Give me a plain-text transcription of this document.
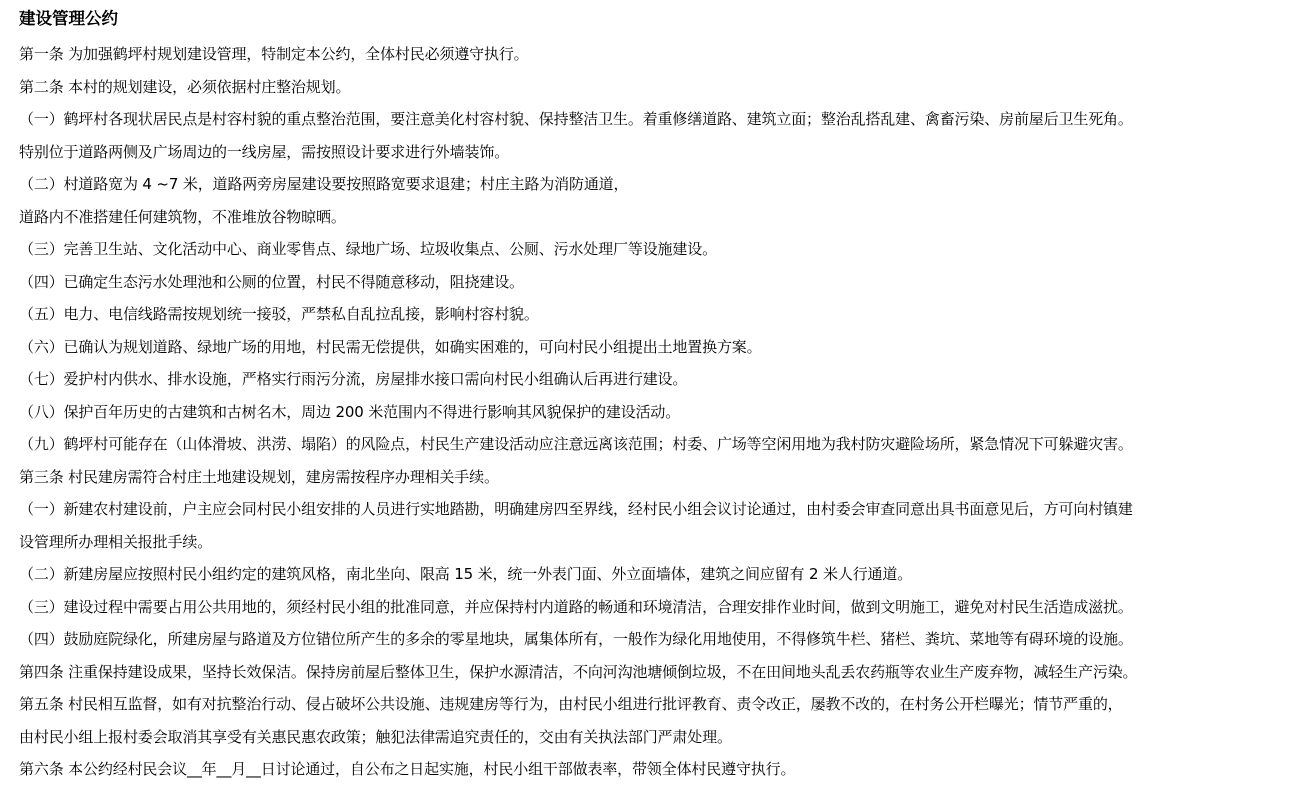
建设管理公约
第一条 为加强鹤坪村规划建设管理，特制定本公约，全体村民必须遵守执行。
第二条 本村的规划建设，必须依据村庄整治规划。
（一）鹤坪村各现状居民点是村容村貌的重点整治范围，要注意美化村容村貌、保持整洁卫生。着重修缮道路、建筑立面；整治乱搭乱建、禽畜污染、房前屋后卫生死角。
特别位于道路两侧及广场周边的一线房屋，需按照设计要求进行外墙装饰。
（二）村道路宽为 4 ~7 米，道路两旁房屋建设要按照路宽要求退建；村庄主路为消防通道，
道路内不准搭建任何建筑物，不准堆放谷物晾晒。
（三）完善卫生站、文化活动中心、商业零售点、绿地广场、垃圾收集点、公厕、污水处理厂等设施建设。
（四）已确定生态污水处理池和公厕的位置，村民不得随意移动，阻挠建设。
（五）电力、电信线路需按规划统一接驳，严禁私自乱拉乱接，影响村容村貌。
（六）已确认为规划道路、绿地广场的用地，村民需无偿提供，如确实困难的，可向村民小组提出土地置换方案。
（七）爱护村内供水、排水设施，严格实行雨污分流，房屋排水接口需向村民小组确认后再进行建设。
（八）保护百年历史的古建筑和古树名木，周边 200 米范围内不得进行影响其风貌保护的建设活动。
（九）鹤坪村可能存在（山体滑坡、洪涝、塌陷）的风险点，村民生产建设活动应注意远离该范围；村委、广场等空闲用地为我村防灾避险场所，紧急情况下可躲避灾害。
第三条 村民建房需符合村庄土地建设规划，建房需按程序办理相关手续。
（一）新建农村建设前，户主应会同村民小组安排的人员进行实地踏勘，明确建房四至界线，经村民小组会议讨论通过，由村委会审查同意出具书面意见后，方可向村镇建
设管理所办理相关报批手续。
（二）新建房屋应按照村民小组约定的建筑风格，南北坐向、限高 15 米，统一外表门面、外立面墙体，建筑之间应留有 2 米人行通道。
（三）建设过程中需要占用公共用地的，须经村民小组的批准同意，并应保持村内道路的畅通和环境清洁，合理安排作业时间，做到文明施工，避免对村民生活造成滋扰。
（四）鼓励庭院绿化，所建房屋与路道及方位错位所产生的多余的零星地块，属集体所有，一般作为绿化用地使用，不得修筑牛栏、猪栏、粪坑、菜地等有碍环境的设施。
第四条 注重保持建设成果，坚持长效保洁。保持房前屋后整体卫生，保护水源清洁，不向河沟池塘倾倒垃圾，不在田间地头乱丢农药瓶等农业生产废弃物，减轻生产污染。
第五条 村民相互监督，如有对抗整治行动、侵占破坏公共设施、违规建房等行为，由村民小组进行批评教育、责令改正，屡教不改的，在村务公开栏曝光；情节严重的，
由村民小组上报村委会取消其享受有关惠民惠农政策；触犯法律需追究责任的，交由有关执法部门严肃处理。
第六条 本公约经村民会议__年__月__日讨论通过，自公布之日起实施，村民小组干部做表率，带领全体村民遵守执行。
